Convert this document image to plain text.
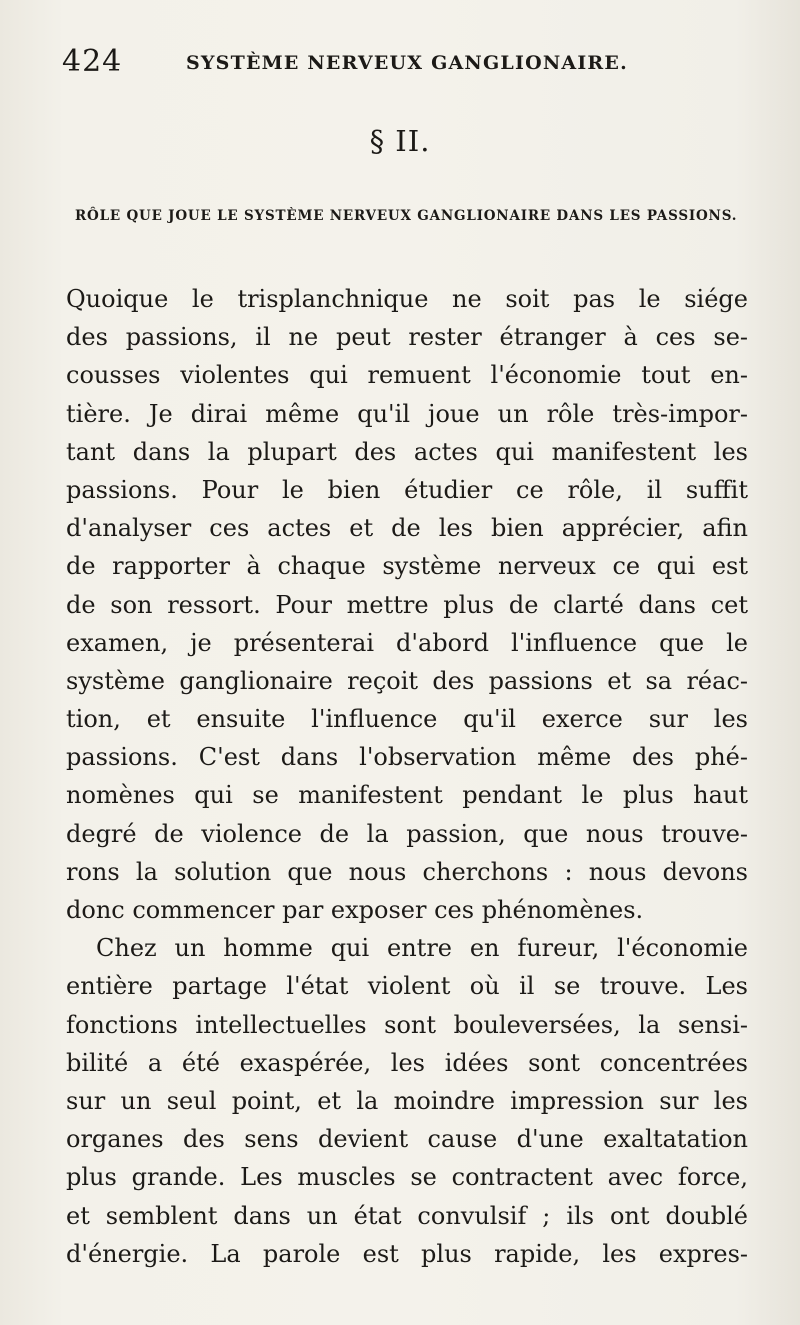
424	SYSTÈME NERVEUX GANGLIONAIRE.
§ II.
RÔLE QUE JOUE LE SYSTÈME NERVEUX GANGLIONAIRE DANS LES PASSIONS.
Quoique le trisplanchnique ne soit pas le siége
des passions, il ne peut rester étranger à ces se-
cousses violentes qui remuent l'économie tout en-
tière. Je dirai même qu'il joue un rôle très-impor-
tant dans la plupart des actes qui manifestent les
passions. Pour le bien étudier ce rôle, il suffit
d'analyser ces actes et de les bien apprécier, afin
de rapporter à chaque système nerveux ce qui est
de son ressort. Pour mettre plus de clarté dans cet
examen, je présenterai d'abord l'influence que le
système ganglionaire reçoit des passions et sa réac-
tion, et ensuite l'influence qu'il exerce sur les
passions. C'est dans l'observation même des phé-
nomènes qui se manifestent pendant le plus haut
degré de violence de la passion, que nous trouve-
rons la solution que nous cherchons : nous devons
donc commencer par exposer ces phénomènes.
Chez un homme qui entre en fureur, l'économie
entière partage l'état violent où il se trouve. Les
fonctions intellectuelles sont bouleversées, la sensi-
bilité a été exaspérée, les idées sont concentrées
sur un seul point, et la moindre impression sur les
organes des sens devient cause d'une exaltatation
plus grande. Les muscles se contractent avec force,
et semblent dans un état convulsif ; ils ont doublé
d'énergie. La parole est plus rapide, les expres-
